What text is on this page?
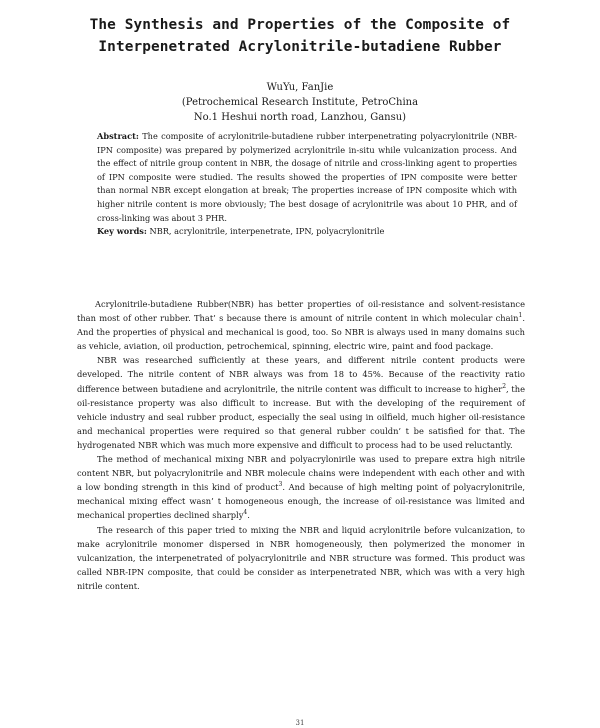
The Synthesis and Properties of the Composite of
Interpenetrated Acrylonitrile-butadiene Rubber
WuYu, FanJie
(Petrochemical Research Institute, PetroChina
No.1 Heshui north road, Lanzhou, Gansu)

Abstract: The composite of acrylonitrile-butadiene rubber interpenetrating polyacrylonitrile (NBR-IPN composite) was prepared by polymerized acrylonitrile in-situ while vulcanization process. And the effect of nitrile group content in NBR, the dosage of nitrile and cross-linking agent to properties of IPN composite were studied. The results showed the properties of IPN composite were better than normal NBR except elongation at break; The properties increase of IPN composite which with higher nitrile content is more obviously; The best dosage of acrylonitrile was about 10 PHR, and of cross-linking was about 3 PHR.

Key words: NBR, acrylonitrile, interpenetrate, IPN, polyacrylonitrile

Acrylonitrile-butadiene Rubber(NBR) has better properties of oil-resistance and solvent-resistance than most of other rubber. That’ s because there is amount of nitrile content in which molecular chain$^1$. And the properties of physical and mechanical is good, too. So NBR is always used in many domains such as vehicle, aviation, oil production, petrochemical, spinning, electric wire, paint and food package.

NBR was researched sufficiently at these years, and different nitrile content products were developed. The nitrile content of NBR always was from 18 to 45%. Because of the reactivity ratio difference between butadiene and acrylonitrile, the nitrile content was difficult to increase to higher$^2$, the oil-resistance property was also difficult to increase. But with the developing of the requirement of vehicle industry and seal rubber product, especially the seal using in oilfield, much higher oil-resistance and mechanical properties were required so that general rubber couldn’ t be satisfied for that. The hydrogenated NBR which was much more expensive and difficult to process had to be used reluctantly.

The method of mechanical mixing NBR and polyacrylonirile was used to prepare extra high nitrile content NBR, but polyacrylonitrile and NBR molecule chains were independent with each other and with a low bonding strength in this kind of product$^3$. And because of high melting point of polyacrylonitrile, mechanical mixing effect wasn’ t homogeneous enough, the increase of oil-resistance was limited and mechanical properties declined sharply$^4$.

The research of this paper tried to mixing the NBR and liquid acrylonitrile before vulcanization, to make acrylonitrile monomer dispersed in NBR homogeneously, then polymerized the monomer in vulcanization, the interpenetrated of polyacrylonitrile and NBR structure was formed. This product was called NBR-IPN composite, that could be consider as interpenetrated NBR, which was with a very high nitrile content.

31
